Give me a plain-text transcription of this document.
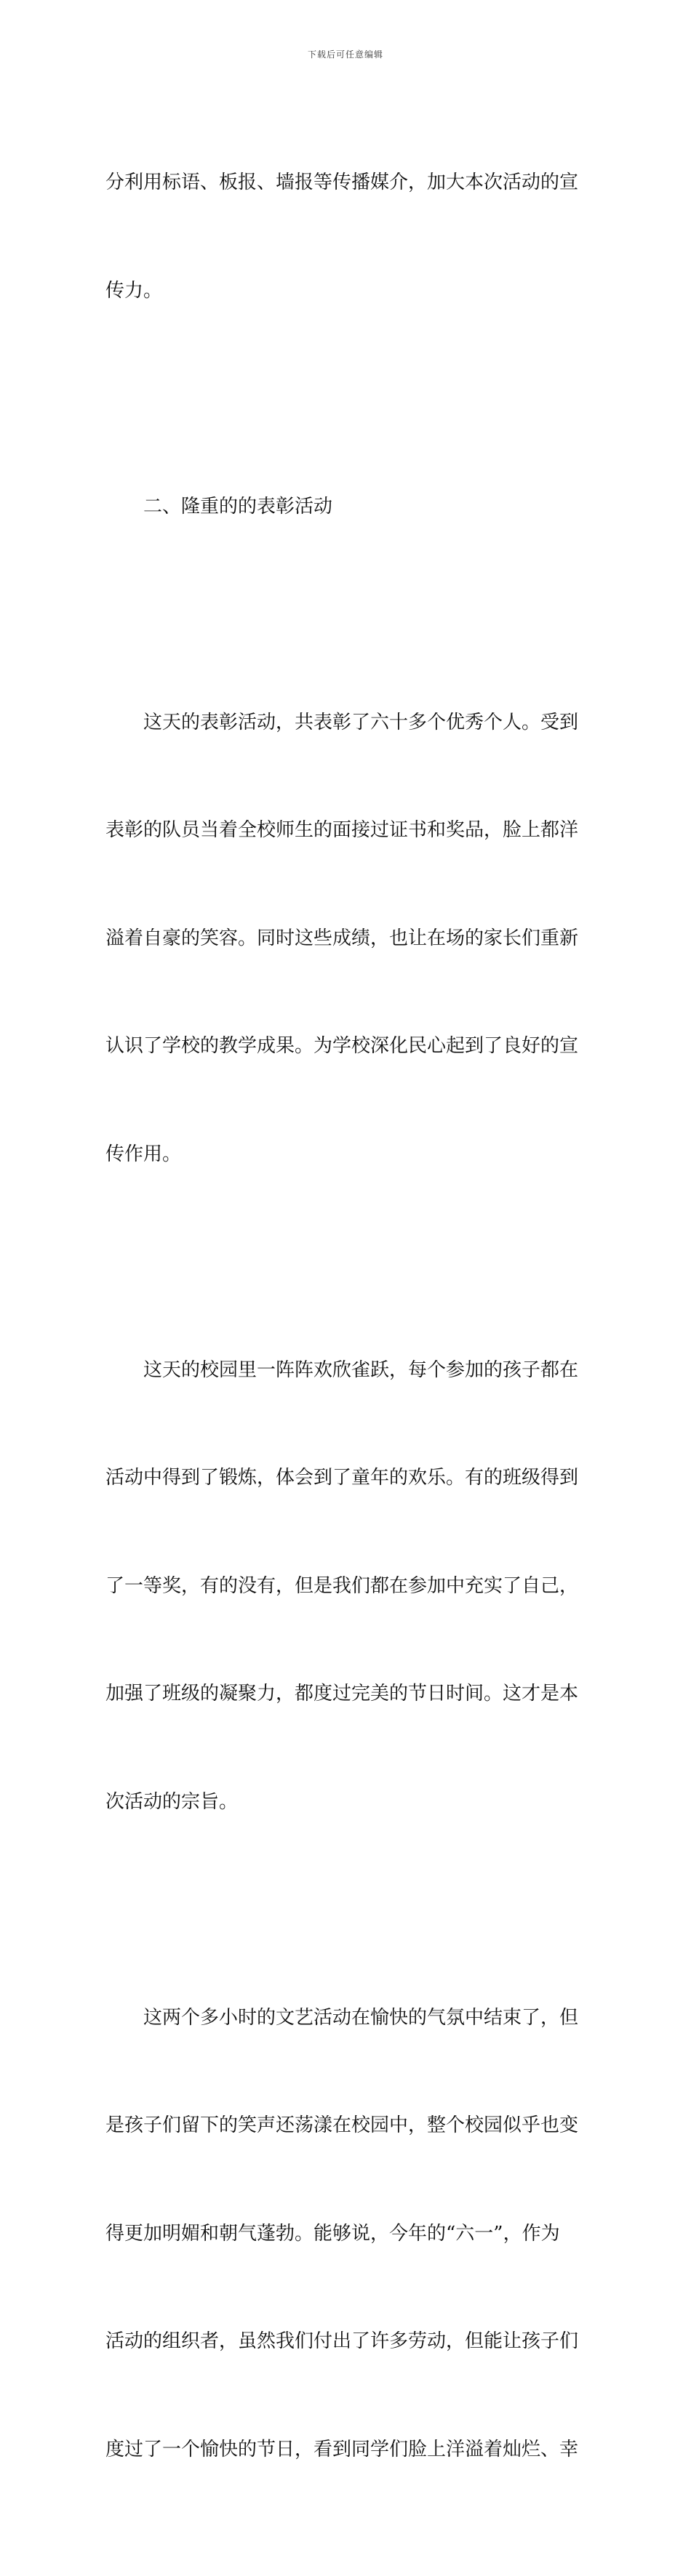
下载后可任意编辑

分利用标语、板报、墙报等传播媒介，加大本次活动的宣

传力。

二、隆重的的表彰活动

这天的表彰活动，共表彰了六十多个优秀个人。受到

表彰的队员当着全校师生的面接过证书和奖品，脸上都洋

溢着自豪的笑容。同时这些成绩，也让在场的家长们重新

认识了学校的教学成果。为学校深化民心起到了良好的宣

传作用。

这天的校园里一阵阵欢欣雀跃，每个参加的孩子都在

活动中得到了锻炼，体会到了童年的欢乐。有的班级得到

了一等奖，有的没有，但是我们都在参加中充实了自己，

加强了班级的凝聚力，都度过完美的节日时间。这才是本

次活动的宗旨。

这两个多小时的文艺活动在愉快的气氛中结束了，但

是孩子们留下的笑声还荡漾在校园中，整个校园似乎也变

得更加明媚和朝气蓬勃。能够说，今年的“六一”，作为

活动的组织者，虽然我们付出了许多劳动，但能让孩子们

度过了一个愉快的节日，看到同学们脸上洋溢着灿烂、幸
